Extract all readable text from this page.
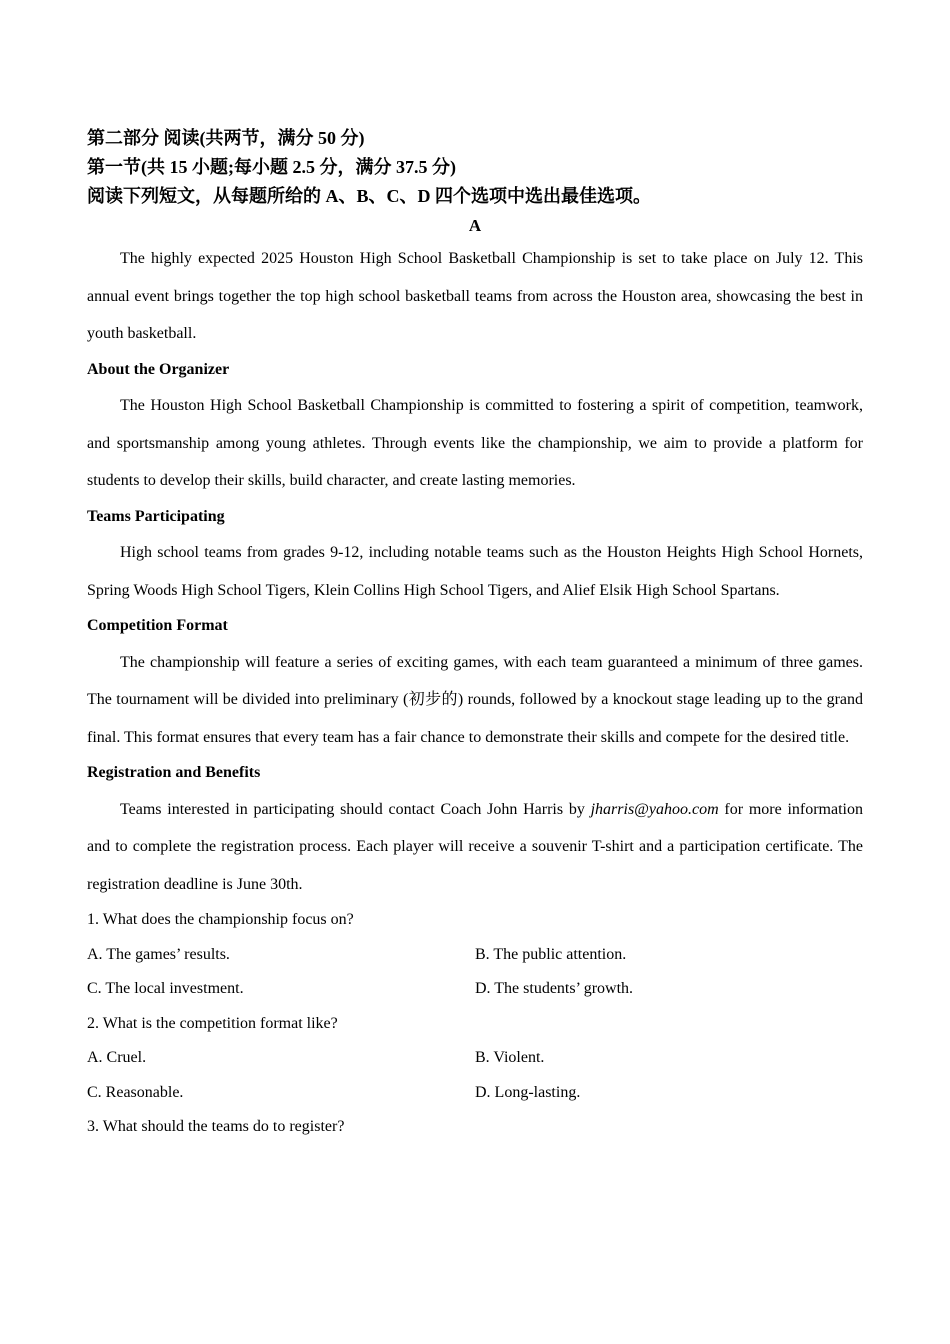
第二部分 阅读(共两节，满分 50 分)
第一节(共 15 小题;每小题 2.5 分，满分 37.5 分)
阅读下列短文，从每题所给的 A、B、C、D 四个选项中选出最佳选项。
A

The highly expected 2025 Houston High School Basketball Championship is set to take place on July 12. This annual event brings together the top high school basketball teams from across the Houston area, showcasing the best in youth basketball.

About the Organizer

The Houston High School Basketball Championship is committed to fostering a spirit of competition, teamwork, and sportsmanship among young athletes. Through events like the championship, we aim to provide a platform for students to develop their skills, build character, and create lasting memories.

Teams Participating

High school teams from grades 9-12, including notable teams such as the Houston Heights High School Hornets, Spring Woods High School Tigers, Klein Collins High School Tigers, and Alief Elsik High School Spartans.

Competition Format

The championship will feature a series of exciting games, with each team guaranteed a minimum of three games. The tournament will be divided into preliminary (初步的) rounds, followed by a knockout stage leading up to the grand final. This format ensures that every team has a fair chance to demonstrate their skills and compete for the desired title.

Registration and Benefits

Teams interested in participating should contact Coach John Harris by jharris@yahoo.com for more information and to complete the registration process. Each player will receive a souvenir T-shirt and a participation certificate. The registration deadline is June 30th.

1. What does the championship focus on?

A. The games’ results.	B. The public attention.
C. The local investment.	D. The students’ growth.

2. What is the competition format like?

A. Cruel.	B. Violent.
C. Reasonable.	D. Long-lasting.

3. What should the teams do to register?
